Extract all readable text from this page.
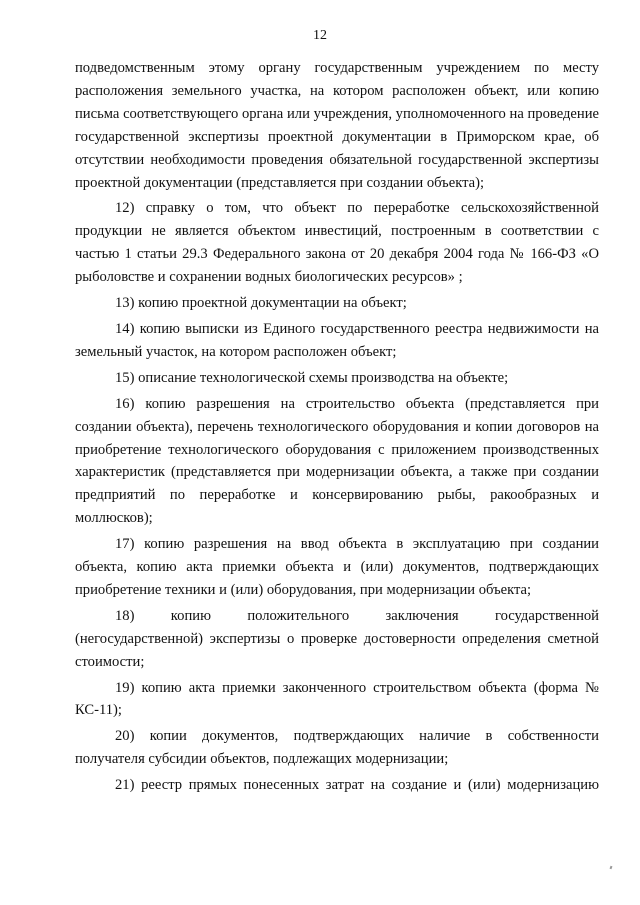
12

подведомственным этому органу государственным учреждением по месту расположения земельного участка, на котором расположен объект, или копию письма соответствующего органа или учреждения, уполномоченного на проведение государственной экспертизы проектной документации в Приморском крае, об отсутствии необходимости проведения обязательной государственной экспертизы проектной документации (представляется при создании объекта);

12) справку о том, что объект по переработке сельскохозяйственной продукции не является объектом инвестиций, построенным в соответствии с частью 1 статьи 29.3 Федерального закона от 20 декабря 2004 года № 166-ФЗ «О рыболовстве и сохранении водных биологических ресурсов» ;

13) копию проектной документации на объект;

14) копию выписки из Единого государственного реестра недвижимости на земельный участок, на котором расположен объект;

15) описание технологической схемы производства на объекте;

16) копию разрешения на строительство объекта (представляется при создании объекта), перечень технологического оборудования и копии договоров на приобретение технологического оборудования с приложением производственных характеристик (представляется при модернизации объекта, а также при создании предприятий по переработке и консервированию рыбы, ракообразных и моллюсков);

17) копию разрешения на ввод объекта в эксплуатацию при создании объекта, копию акта приемки объекта и (или) документов, подтверждающих приобретение техники и (или) оборудования, при модернизации объекта;

18) копию положительного заключения государственной (негосударственной) экспертизы о проверке достоверности определения сметной стоимости;

19) копию акта приемки законченного строительством объекта (форма № КС-11);

20) копии документов, подтверждающих наличие в собственности получателя субсидии объектов, подлежащих модернизации;

21) реестр прямых понесенных затрат на создание и (или) модернизацию
